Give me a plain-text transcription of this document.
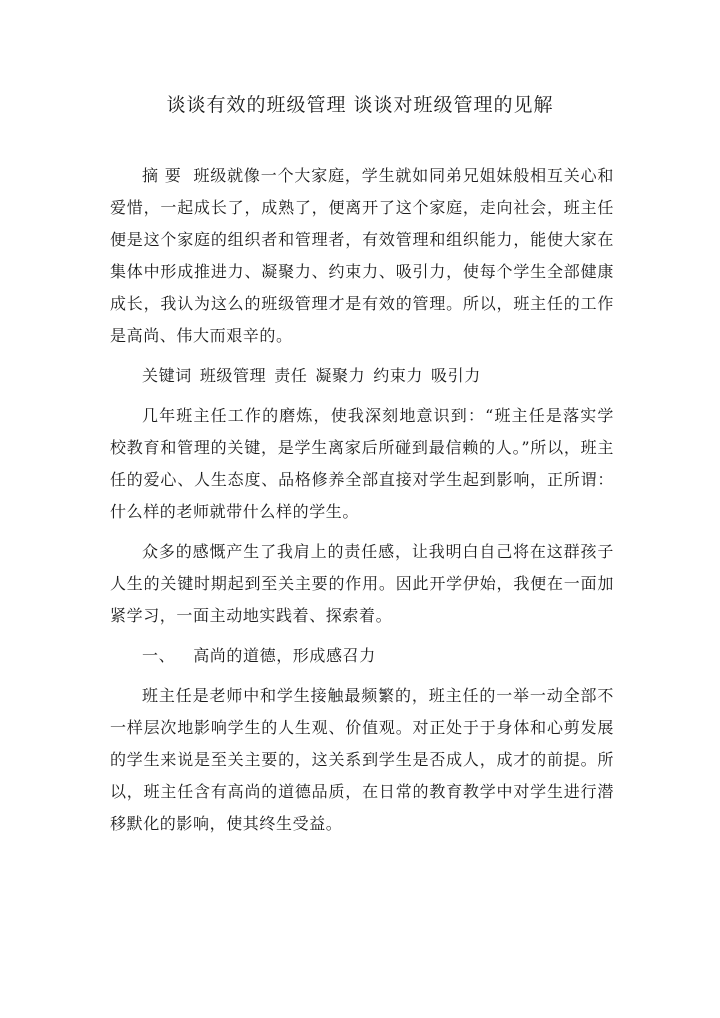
谈谈有效的班级管理 谈谈对班级管理的见解

摘 要 班级就像一个大家庭，学生就如同弟兄姐妹般相互关心和爱惜，一起成长了，成熟了，便离开了这个家庭，走向社会，班主任便是这个家庭的组织者和管理者，有效管理和组织能力，能使大家在集体中形成推进力、凝聚力、约束力、吸引力，使每个学生全部健康成长，我认为这么的班级管理才是有效的管理。所以，班主任的工作是高尚、伟大而艰辛的。

关键词 班级管理 责任 凝聚力 约束力 吸引力

几年班主任工作的磨炼，使我深刻地意识到：“班主任是落实学校教育和管理的关键，是学生离家后所碰到最信赖的人。”所以，班主任的爱心、人生态度、品格修养全部直接对学生起到影响，正所谓：什么样的老师就带什么样的学生。

众多的感慨产生了我肩上的责任感，让我明白自己将在这群孩子人生的关键时期起到至关主要的作用。因此开学伊始，我便在一面加紧学习，一面主动地实践着、探索着。

一、 高尚的道德，形成感召力

班主任是老师中和学生接触最频繁的，班主任的一举一动全部不一样层次地影响学生的人生观、价值观。对正处于于身体和心剪发展的学生来说是至关主要的，这关系到学生是否成人，成才的前提。所以，班主任含有高尚的道德品质，在日常的教育教学中对学生进行潜移默化的影响，使其终生受益。
